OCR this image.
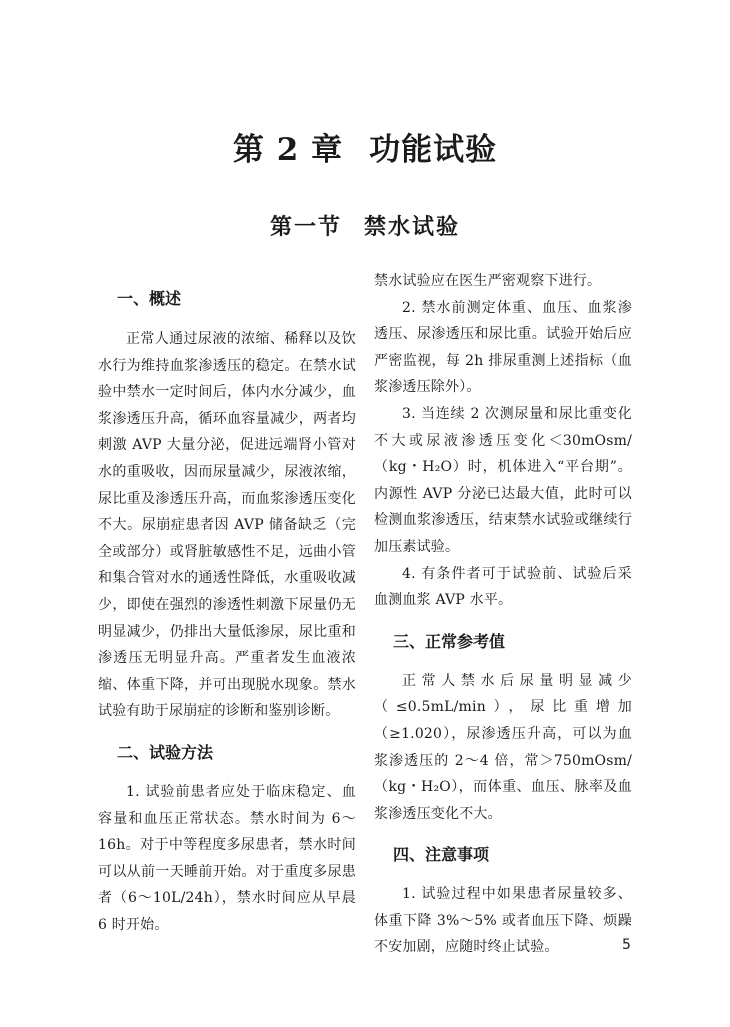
第 2 章 功能试验
第一节 禁水试验
一、概述

正常人通过尿液的浓缩、稀释以及饮水行为维持血浆渗透压的稳定。在禁水试验中禁水一定时间后，体内水分减少，血浆渗透压升高，循环血容量减少，两者均刺激 AVP 大量分泌，促进远端肾小管对水的重吸收，因而尿量减少，尿液浓缩，尿比重及渗透压升高，而血浆渗透压变化不大。尿崩症患者因 AVP 储备缺乏（完全或部分）或肾脏敏感性不足，远曲小管和集合管对水的通透性降低，水重吸收减少，即使在强烈的渗透性刺激下尿量仍无明显减少，仍排出大量低渗尿，尿比重和渗透压无明显升高。严重者发生血液浓缩、体重下降，并可出现脱水现象。禁水试验有助于尿崩症的诊断和鉴别诊断。

二、试验方法

1. 试验前患者应处于临床稳定、血容量和血压正常状态。禁水时间为 6～16h。对于中等程度多尿患者，禁水时间可以从前一天睡前开始。对于重度多尿患者（6～10L/24h），禁水时间应从早晨 6 时开始。

禁水试验应在医生严密观察下进行。

2. 禁水前测定体重、血压、血浆渗透压、尿渗透压和尿比重。试验开始后应严密监视，每 2h 排尿重测上述指标（血浆渗透压除外）。

3. 当连续 2 次测尿量和尿比重变化不大或尿液渗透压变化＜30mOsm/（kg・H₂O）时，机体进入“平台期”。内源性 AVP 分泌已达最大值，此时可以检测血浆渗透压，结束禁水试验或继续行加压素试验。

4. 有条件者可于试验前、试验后采血测血浆 AVP 水平。

三、正常参考值

正常人禁水后尿量明显减少（≤0.5mL/min），尿比重增加（≥1.020），尿渗透压升高，可以为血浆渗透压的 2～4 倍，常＞750mOsm/（kg・H₂O），而体重、血压、脉率及血浆渗透压变化不大。

四、注意事项

1. 试验过程中如果患者尿量较多、体重下降 3%～5% 或者血压下降、烦躁不安加剧，应随时终止试验。	5
